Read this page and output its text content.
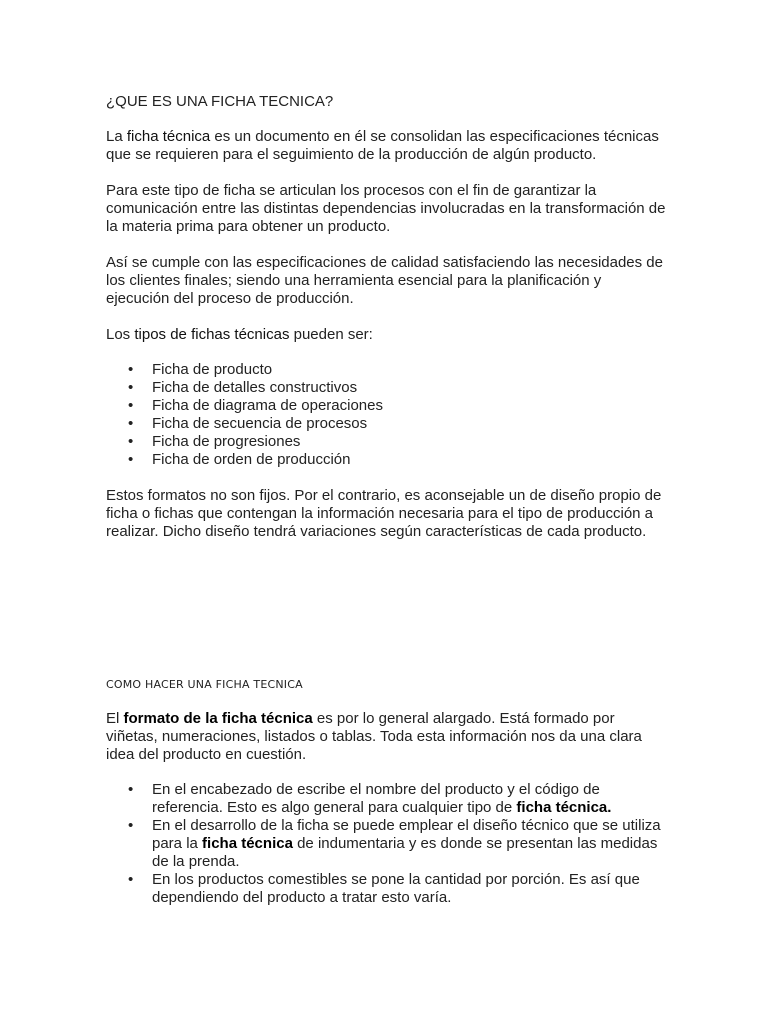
¿QUE ES UNA FICHA TECNICA?

La ficha técnica es un documento en él se consolidan las especificaciones técnicas que se requieren para el seguimiento de la producción de algún producto.

Para este tipo de ficha se articulan los procesos con el fin de garantizar la comunicación entre las distintas dependencias involucradas en la transformación de la materia prima para obtener un producto.

Así se cumple con las especificaciones de calidad satisfaciendo las necesidades de los clientes finales; siendo una herramienta esencial para la planificación y ejecución del proceso de producción.

Los tipos de fichas técnicas pueden ser:

• Ficha de producto
• Ficha de detalles constructivos
• Ficha de diagrama de operaciones
• Ficha de secuencia de procesos
• Ficha de progresiones
• Ficha de orden de producción

Estos formatos no son fijos. Por el contrario, es aconsejable un de diseño propio de ficha o fichas que contengan la información necesaria para el tipo de producción a realizar. Dicho diseño tendrá variaciones según características de cada producto.

COMO HACER UNA FICHA TECNICA

El formato de la ficha técnica es por lo general alargado. Está formado por viñetas, numeraciones, listados o tablas. Toda esta información nos da una clara idea del producto en cuestión.

• En el encabezado de escribe el nombre del producto y el código de referencia. Esto es algo general para cualquier tipo de ficha técnica.
• En el desarrollo de la ficha se puede emplear el diseño técnico que se utiliza para la ficha técnica de indumentaria y es donde se presentan las medidas de la prenda.
• En los productos comestibles se pone la cantidad por porción. Es así que dependiendo del producto a tratar esto varía.
